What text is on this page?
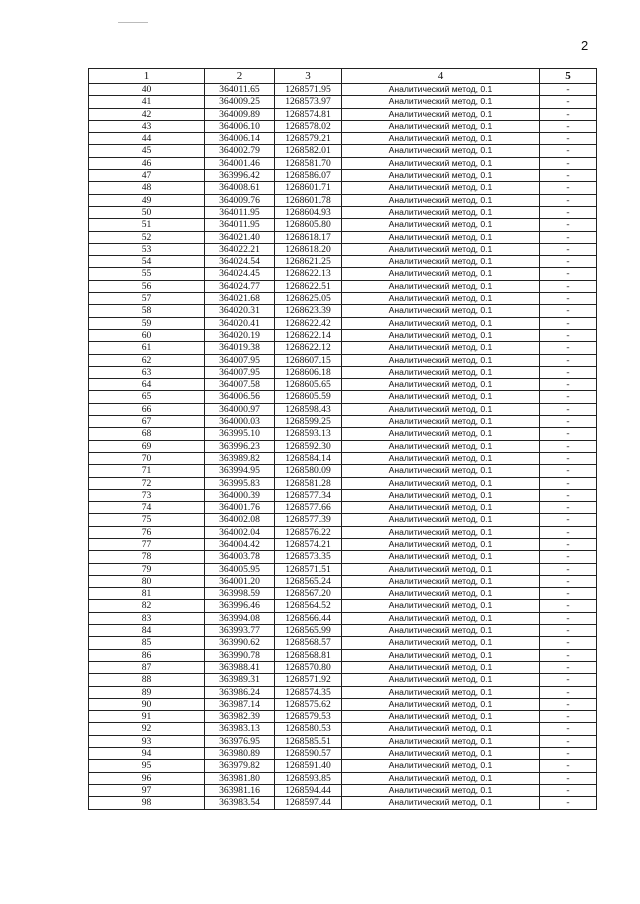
2
1	2	3	4	5
40	364011.65	1268571.95	Аналитический метод, 0.1	-
41	364009.25	1268573.97	Аналитический метод, 0.1	-
42	364009.89	1268574.81	Аналитический метод, 0.1	-
43	364006.10	1268578.02	Аналитический метод, 0.1	-
44	364006.14	1268579.21	Аналитический метод, 0.1	-
45	364002.79	1268582.01	Аналитический метод, 0.1	-
46	364001.46	1268581.70	Аналитический метод, 0.1	-
47	363996.42	1268586.07	Аналитический метод, 0.1	-
48	364008.61	1268601.71	Аналитический метод, 0.1	-
49	364009.76	1268601.78	Аналитический метод, 0.1	-
50	364011.95	1268604.93	Аналитический метод, 0.1	-
51	364011.95	1268605.80	Аналитический метод, 0.1	-
52	364021.40	1268618.17	Аналитический метод, 0.1	-
53	364022.21	1268618.20	Аналитический метод, 0.1	-
54	364024.54	1268621.25	Аналитический метод, 0.1	-
55	364024.45	1268622.13	Аналитический метод, 0.1	-
56	364024.77	1268622.51	Аналитический метод, 0.1	-
57	364021.68	1268625.05	Аналитический метод, 0.1	-
58	364020.31	1268623.39	Аналитический метод, 0.1	-
59	364020.41	1268622.42	Аналитический метод, 0.1	-
60	364020.19	1268622.14	Аналитический метод, 0.1	-
61	364019.38	1268622.12	Аналитический метод, 0.1	-
62	364007.95	1268607.15	Аналитический метод, 0.1	-
63	364007.95	1268606.18	Аналитический метод, 0.1	-
64	364007.58	1268605.65	Аналитический метод, 0.1	-
65	364006.56	1268605.59	Аналитический метод, 0.1	-
66	364000.97	1268598.43	Аналитический метод, 0.1	-
67	364000.03	1268599.25	Аналитический метод, 0.1	-
68	363995.10	1268593.13	Аналитический метод, 0.1	-
69	363996.23	1268592.30	Аналитический метод, 0.1	-
70	363989.82	1268584.14	Аналитический метод, 0.1	-
71	363994.95	1268580.09	Аналитический метод, 0.1	-
72	363995.83	1268581.28	Аналитический метод, 0.1	-
73	364000.39	1268577.34	Аналитический метод, 0.1	-
74	364001.76	1268577.66	Аналитический метод, 0.1	-
75	364002.08	1268577.39	Аналитический метод, 0.1	-
76	364002.04	1268576.22	Аналитический метод, 0.1	-
77	364004.42	1268574.21	Аналитический метод, 0.1	-
78	364003.78	1268573.35	Аналитический метод, 0.1	-
79	364005.95	1268571.51	Аналитический метод, 0.1	-
80	364001.20	1268565.24	Аналитический метод, 0.1	-
81	363998.59	1268567.20	Аналитический метод, 0.1	-
82	363996.46	1268564.52	Аналитический метод, 0.1	-
83	363994.08	1268566.44	Аналитический метод, 0.1	-
84	363993.77	1268565.99	Аналитический метод, 0.1	-
85	363990.62	1268568.57	Аналитический метод, 0.1	-
86	363990.78	1268568.81	Аналитический метод, 0.1	-
87	363988.41	1268570.80	Аналитический метод, 0.1	-
88	363989.31	1268571.92	Аналитический метод, 0.1	-
89	363986.24	1268574.35	Аналитический метод, 0.1	-
90	363987.14	1268575.62	Аналитический метод, 0.1	-
91	363982.39	1268579.53	Аналитический метод, 0.1	-
92	363983.13	1268580.53	Аналитический метод, 0.1	-
93	363976.95	1268585.51	Аналитический метод, 0.1	-
94	363980.89	1268590.57	Аналитический метод, 0.1	-
95	363979.82	1268591.40	Аналитический метод, 0.1	-
96	363981.80	1268593.85	Аналитический метод, 0.1	-
97	363981.16	1268594.44	Аналитический метод, 0.1	-
98	363983.54	1268597.44	Аналитический метод, 0.1	-
